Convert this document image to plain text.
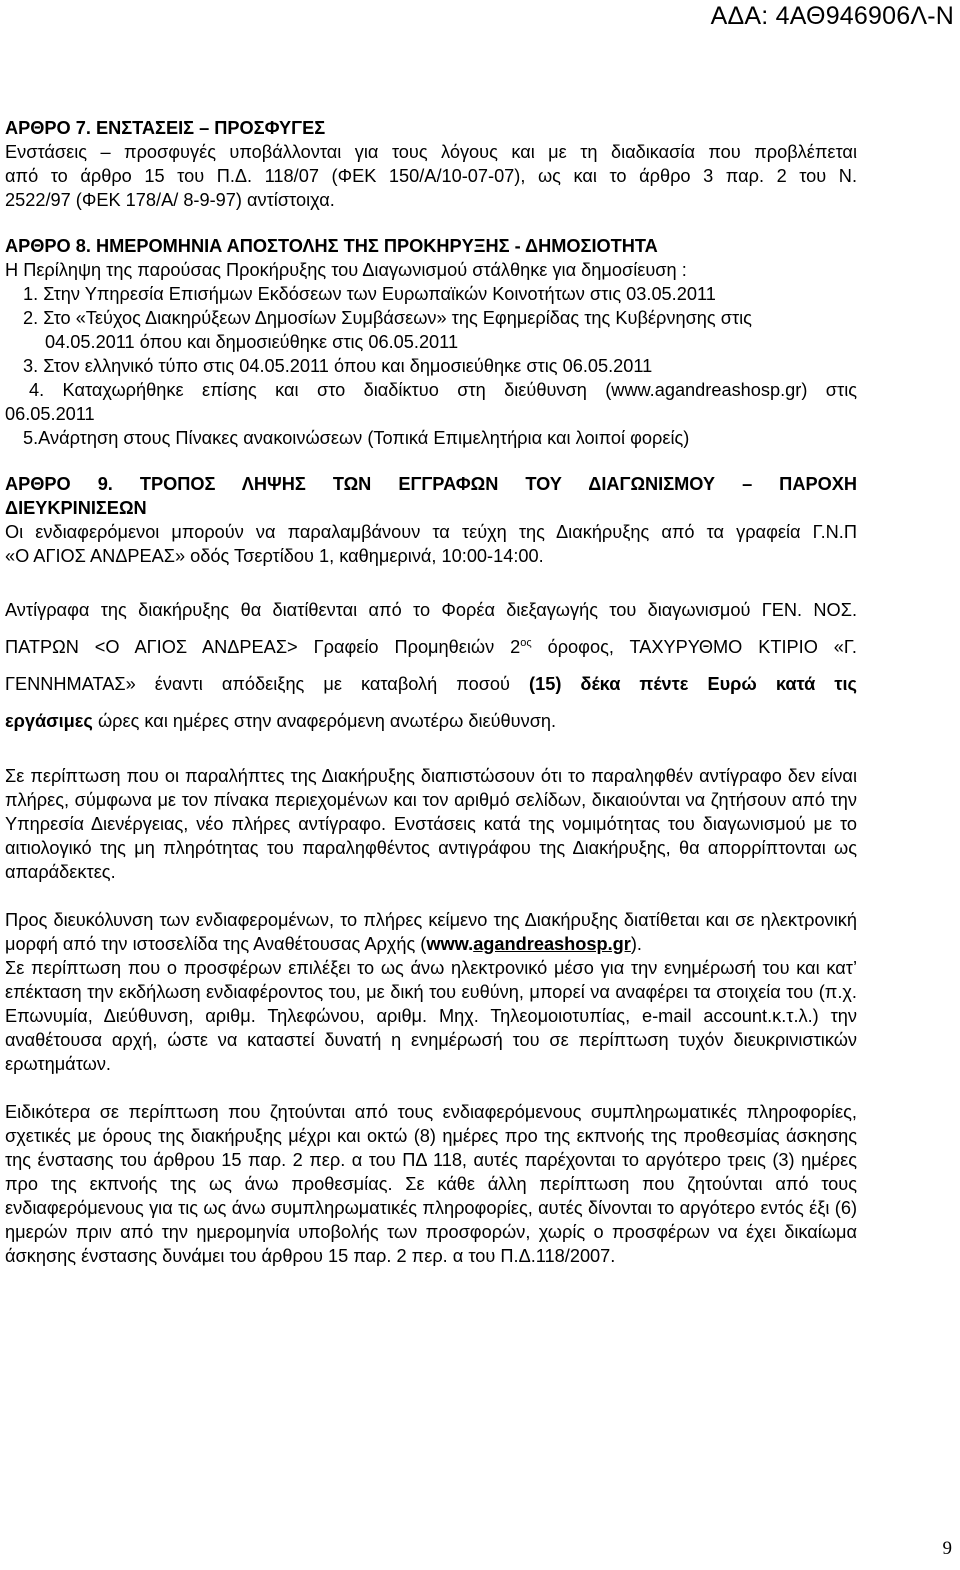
ΑΔΑ: 4ΑΘ946906Λ-Ν

ΑΡΘΡΟ 7. ΕΝΣΤΑΣΕΙΣ – ΠΡΟΣΦΥΓΕΣ

Ενστάσεις – προσφυγές υποβάλλονται για τους λόγους και με τη διαδικασία που προβλέπεται

από το άρθρο 15 του Π.Δ. 118/07 (ΦΕΚ 150/Α/10-07-07), ως και το άρθρο 3 παρ. 2 του Ν.

2522/97 (ΦΕΚ 178/Α/ 8-9-97) αντίστοιχα.

ΑΡΘΡΟ 8. ΗΜΕΡΟΜΗΝΙΑ ΑΠΟΣΤΟΛΗΣ ΤΗΣ ΠΡΟΚΗΡΥΞΗΣ - ΔΗΜΟΣΙΟΤΗΤΑ

Η Περίληψη της παρούσας Προκήρυξης του Διαγωνισμού στάλθηκε για δημοσίευση :

1. Στην Υπηρεσία Επισήμων Εκδόσεων των Ευρωπαϊκών Κοινοτήτων στις 03.05.2011

2. Στο «Τεύχος Διακηρύξεων Δημοσίων Συμβάσεων» της Εφημερίδας της Κυβέρνησης στις

04.05.2011 όπου και δημοσιεύθηκε στις 06.05.2011

3. Στον ελληνικό τύπο στις 04.05.2011 όπου και δημοσιεύθηκε στις 06.05.2011

4. Καταχωρήθηκε επίσης και στο διαδίκτυο στη διεύθυνση (www.agandreashosp.gr) στις

06.05.2011

5.Ανάρτηση στους Πίνακες ανακοινώσεων (Τοπικά Επιμελητήρια και λοιποί φορείς)

ΑΡΘΡΟ 9. ΤΡΟΠΟΣ ΛΗΨΗΣ ΤΩΝ ΕΓΓΡΑΦΩΝ ΤΟΥ ΔΙΑΓΩΝΙΣΜΟΥ – ΠΑΡΟΧΗ

ΔΙΕΥΚΡΙΝΙΣΕΩΝ

Οι ενδιαφερόμενοι μπορούν να παραλαμβάνουν τα τεύχη της Διακήρυξης από τα γραφεία Γ.Ν.Π

«Ο ΑΓΙΟΣ ΑΝΔΡΕΑΣ» οδός Τσερτίδου 1, καθημερινά, 10:00-14:00.

Αντίγραφα της διακήρυξης θα διατίθενται από το Φορέα διεξαγωγής του διαγωνισμού ΓΕΝ. ΝΟΣ.

ΠΑΤΡΩΝ <Ο ΑΓΙΟΣ ΑΝΔΡΕΑΣ> Γραφείο Προμηθειών $2^{o\varsigma}$ όροφος, ΤΑΧΥΡΥΘΜΟ ΚΤΙΡΙΟ «Γ.

ΓΕΝΝΗΜΑΤΑΣ» έναντι απόδειξης με καταβολή ποσού (15) δέκα πέντε Ευρώ κατά τις

εργάσιμες ώρες και ημέρες στην αναφερόμενη ανωτέρω διεύθυνση.

Σε περίπτωση που οι παραλήπτες της Διακήρυξης διαπιστώσουν ότι το παραληφθέν αντίγραφο δεν είναι πλήρες, σύμφωνα με τον πίνακα περιεχομένων και τον αριθμό σελίδων, δικαιούνται να ζητήσουν από την Υπηρεσία Διενέργειας, νέο πλήρες αντίγραφο. Ενστάσεις κατά της νομιμότητας του διαγωνισμού με το αιτιολογικό της μη πληρότητας του παραληφθέντος αντιγράφου της Διακήρυξης, θα απορρίπτονται ως απαράδεκτες.

Προς διευκόλυνση των ενδιαφερομένων, το πλήρες κείμενο της Διακήρυξης διατίθεται και σε ηλεκτρονική μορφή από την ιστοσελίδα της Αναθέτουσας Αρχής (www.agandreashosp.gr).

Σε περίπτωση που ο προσφέρων επιλέξει το ως άνω ηλεκτρονικό μέσο για την ενημέρωσή του και κατ’ επέκταση την εκδήλωση ενδιαφέροντος του, με δική του ευθύνη, μπορεί να αναφέρει τα στοιχεία του (π.χ. Επωνυμία, Διεύθυνση, αριθμ. Τηλεφώνου, αριθμ. Μηχ. Τηλεομοιοτυπίας, e-mail account.κ.τ.λ.) την αναθέτουσα αρχή, ώστε να καταστεί δυνατή η ενημέρωσή του σε περίπτωση τυχόν διευκρινιστικών ερωτημάτων.

Ειδικότερα σε περίπτωση που ζητούνται από τους ενδιαφερόμενους συμπληρωματικές πληροφορίες, σχετικές με όρους της διακήρυξης μέχρι και οκτώ (8) ημέρες προ της εκπνοής της προθεσμίας άσκησης της ένστασης του άρθρου 15 παρ. 2 περ. α του ΠΔ 118, αυτές παρέχονται το αργότερο τρεις (3) ημέρες προ της εκπνοής της ως άνω προθεσμίας. Σε κάθε άλλη περίπτωση που ζητούνται από τους ενδιαφερόμενους για τις ως άνω συμπληρωματικές πληροφορίες, αυτές δίνονται το αργότερο εντός έξι (6) ημερών πριν από την ημερομηνία υποβολής των προσφορών, χωρίς ο προσφέρων να έχει δικαίωμα άσκησης ένστασης δυνάμει του άρθρου 15 παρ. 2 περ. α του Π.Δ.118/2007.

9
